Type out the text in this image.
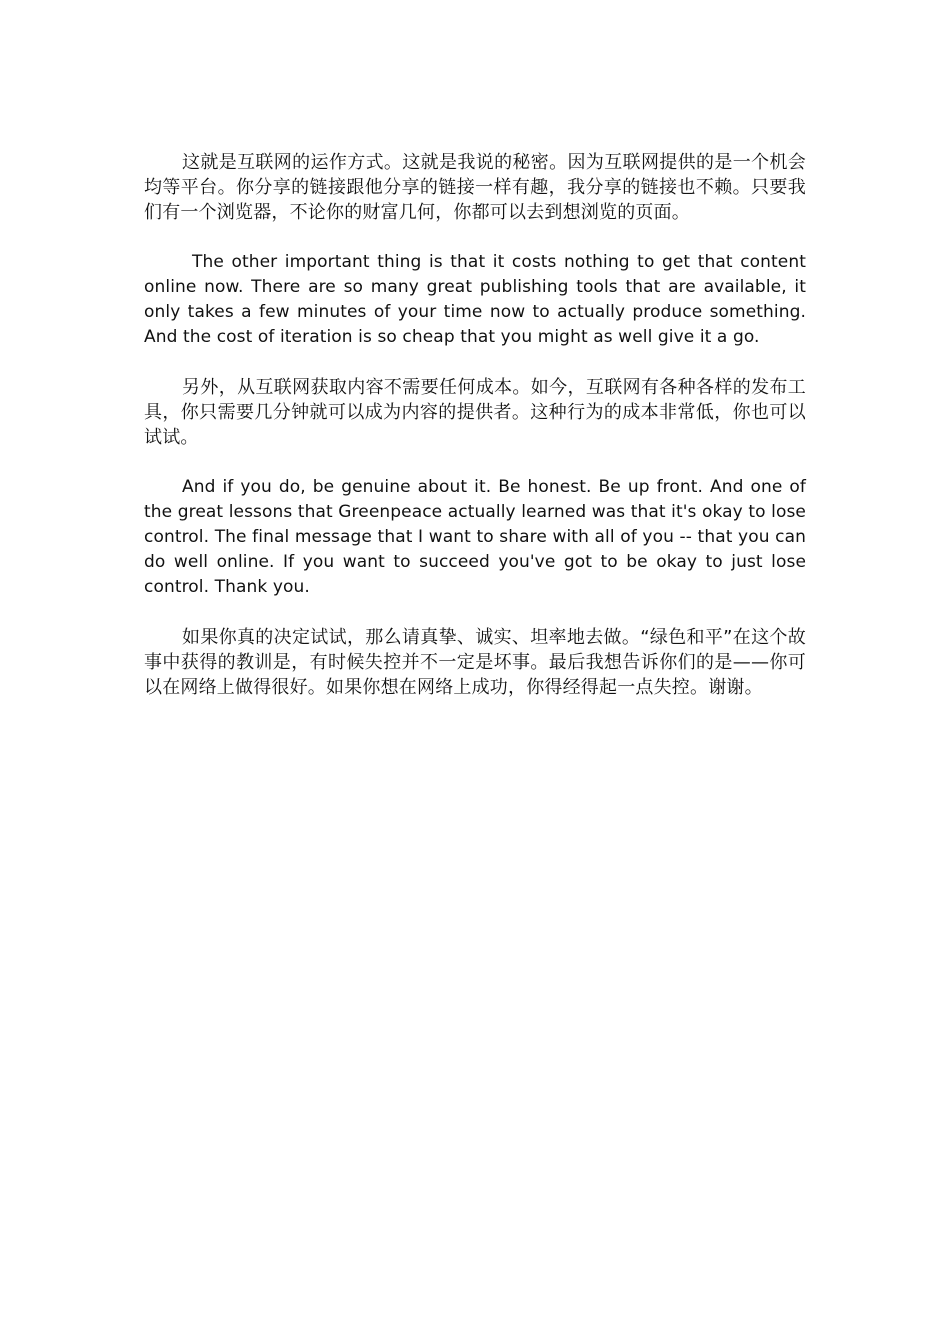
这就是互联网的运作方式。这就是我说的秘密。因为互联网提供的是一个机会均等平台。你分享的链接跟他分享的链接一样有趣，我分享的链接也不赖。只要我们有一个浏览器，不论你的财富几何，你都可以去到想浏览的页面。

The other important thing is that it costs nothing to get that content online now. There are so many great publishing tools that are available, it only takes a few minutes of your time now to actually produce something. And the cost of iteration is so cheap that you might as well give it a go.

另外，从互联网获取内容不需要任何成本。如今，互联网有各种各样的发布工具，你只需要几分钟就可以成为内容的提供者。这种行为的成本非常低，你也可以试试。

And if you do, be genuine about it. Be honest. Be up front. And one of the great lessons that Greenpeace actually learned was that it's okay to lose control. The final message that I want to share with all of you -- that you can do well online. If you want to succeed you've got to be okay to just lose control. Thank you.

如果你真的决定试试，那么请真挚、诚实、坦率地去做。“绿色和平”在这个故事中获得的教训是，有时候失控并不一定是坏事。最后我想告诉你们的是——你可以在网络上做得很好。如果你想在网络上成功，你得经得起一点失控。谢谢。
